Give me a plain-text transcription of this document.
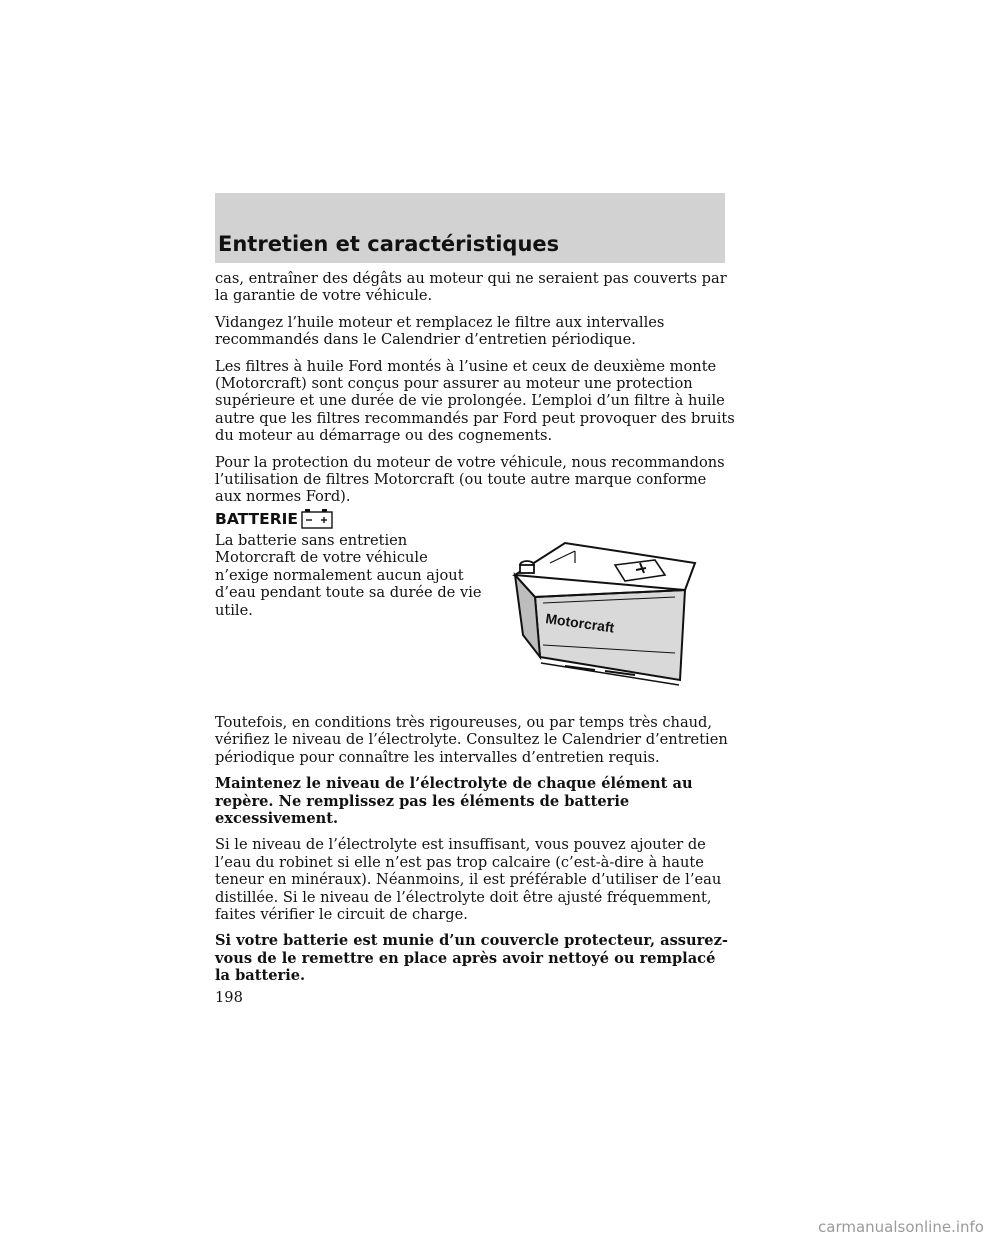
Entretien et caractéristiques

cas, entraîner des dégâts au moteur qui ne seraient pas couverts par la garantie de votre véhicule.

Vidangez l’huile moteur et remplacez le filtre aux intervalles recommandés dans le Calendrier d’entretien périodique.

Les filtres à huile Ford montés à l’usine et ceux de deuxième monte (Motorcraft) sont conçus pour assurer au moteur une protection supérieure et une durée de vie prolongée. L’emploi d’un filtre à huile autre que les filtres recommandés par Ford peut provoquer des bruits du moteur au démarrage ou des cognements.

Pour la protection du moteur de votre véhicule, nous recommandons l’utilisation de filtres Motorcraft (ou toute autre marque conforme aux normes Ford).

BATTERIE
La batterie sans entretien Motorcraft de votre véhicule n’exige normalement aucun ajout d’eau pendant toute sa durée de vie utile.
Motorcraft

Toutefois, en conditions très rigoureuses, ou par temps très chaud, vérifiez le niveau de l’électrolyte. Consultez le Calendrier d’entretien périodique pour connaître les intervalles d’entretien requis.

Maintenez le niveau de l’électrolyte de chaque élément au repère. Ne remplissez pas les éléments de batterie excessivement.

Si le niveau de l’électrolyte est insuffisant, vous pouvez ajouter de l’eau du robinet si elle n’est pas trop calcaire (c’est-à-dire à haute teneur en minéraux). Néanmoins, il est préférable d’utiliser de l’eau distillée. Si le niveau de l’électrolyte doit être ajusté fréquemment, faites vérifier le circuit de charge.

Si votre batterie est munie d’un couvercle protecteur, assurez-vous de le remettre en place après avoir nettoyé ou remplacé la batterie.

198
carmanualsonline.info
